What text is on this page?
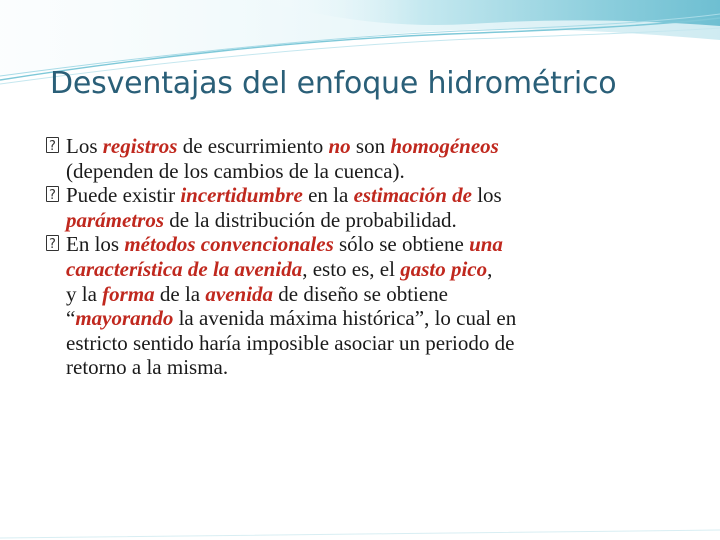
Desventajas del enfoque hidrométrico
?
Los registros de escurrimiento no son homogéneos
(dependen de los cambios de la cuenca).
?
Puede existir incertidumbre en la estimación de los
parámetros de la distribución de probabilidad.
?
En los métodos convencionales sólo se obtiene una
característica de la avenida, esto es, el gasto pico,
y la forma de la avenida de diseño se obtiene
“mayorando la avenida máxima histórica”, lo cual en
estricto sentido haría imposible asociar un periodo de
retorno a la misma.
